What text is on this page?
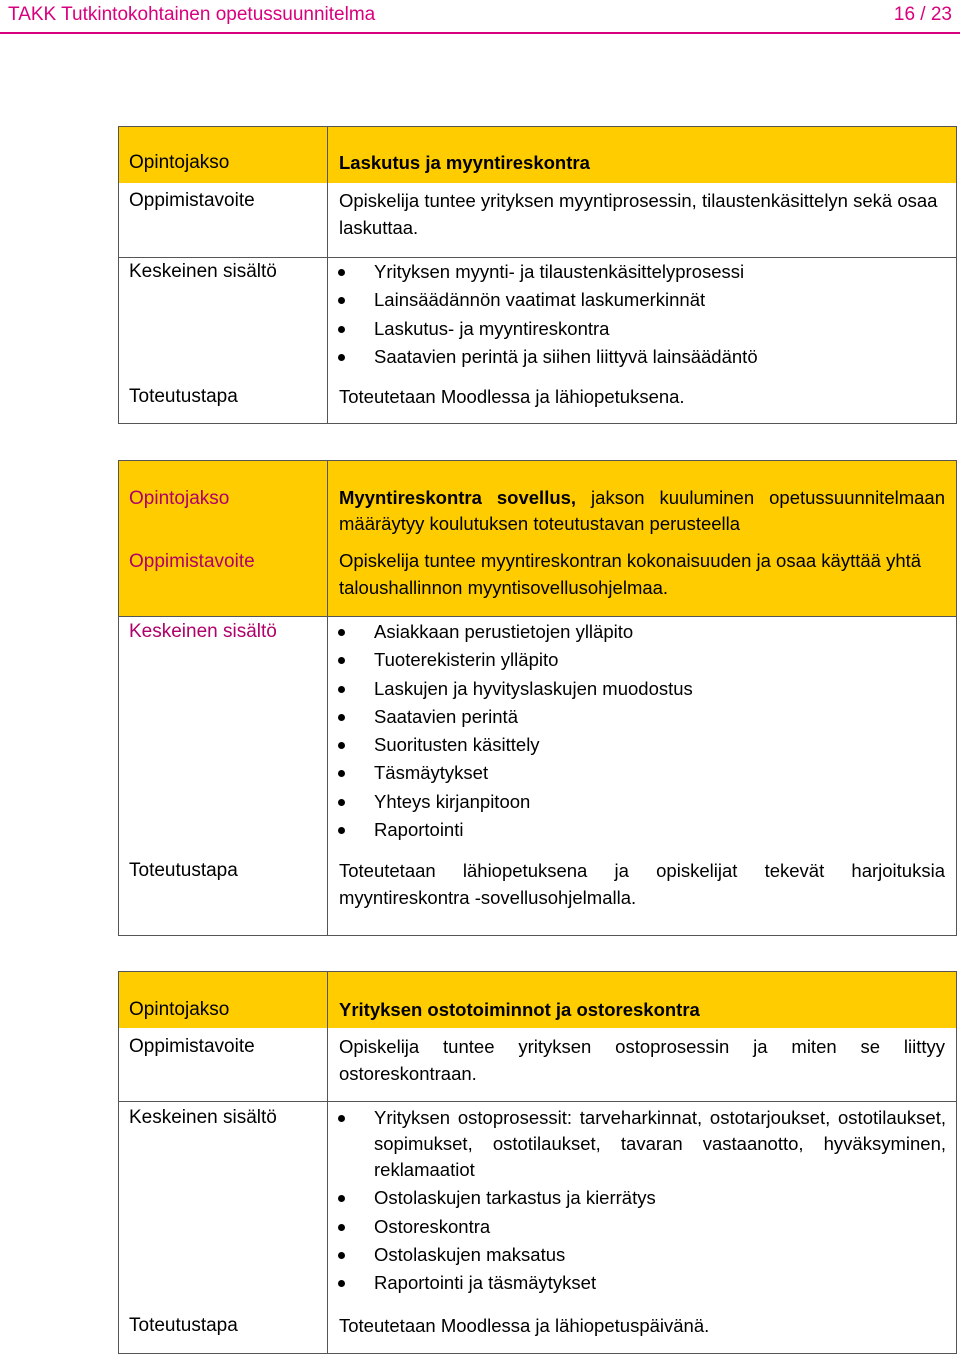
TAKK Tutkintokohtainen opetussuunnitelma	16 / 23
Opintojakso	Laskutus ja myyntireskontra
Oppimistavoite	Opiskelija tuntee yrityksen myyntiprosessin, tilaustenkäsittelyn sekä osaa laskuttaa.
Keskeinen sisältö	Yrityksen myynti- ja tilaustenkäsittelyprosessi
Lainsäädännön vaatimat laskumerkinnät
Laskutus- ja myyntireskontra
Saatavien perintä ja siihen liittyvä lainsäädäntö
Toteutustapa	Toteutetaan Moodlessa ja lähiopetuksena.
Opintojakso	Myyntireskontra sovellus, jakson kuuluminen opetussuunnitelmaan määräytyy koulutuksen toteutustavan perusteella
Oppimistavoite	Opiskelija tuntee myyntireskontran kokonaisuuden ja osaa käyttää yhtä taloushallinnon myyntisovellusohjelmaa.
Keskeinen sisältö	Asiakkaan perustietojen ylläpito
Tuoterekisterin ylläpito
Laskujen ja hyvityslaskujen muodostus
Saatavien perintä
Suoritusten käsittely
Täsmäytykset
Yhteys kirjanpitoon
Raportointi
Toteutustapa	Toteutetaan lähiopetuksena ja opiskelijat tekevät harjoituksia myyntireskontra -sovellusohjelmalla.
Opintojakso	Yrityksen ostotoiminnot ja ostoreskontra
Oppimistavoite	Opiskelija tuntee yrityksen ostoprosessin ja miten se liittyy ostoreskontraan.
Keskeinen sisältö	Yrityksen ostoprosessit: tarveharkinnat, ostotarjoukset, ostotilaukset, sopimukset, ostotilaukset, tavaran vastaanotto, hyväksyminen, reklamaatiot
Ostolaskujen tarkastus ja kierrätys
Ostoreskontra
Ostolaskujen maksatus
Raportointi ja täsmäytykset
Toteutustapa	Toteutetaan Moodlessa ja lähiopetuspäivänä.
